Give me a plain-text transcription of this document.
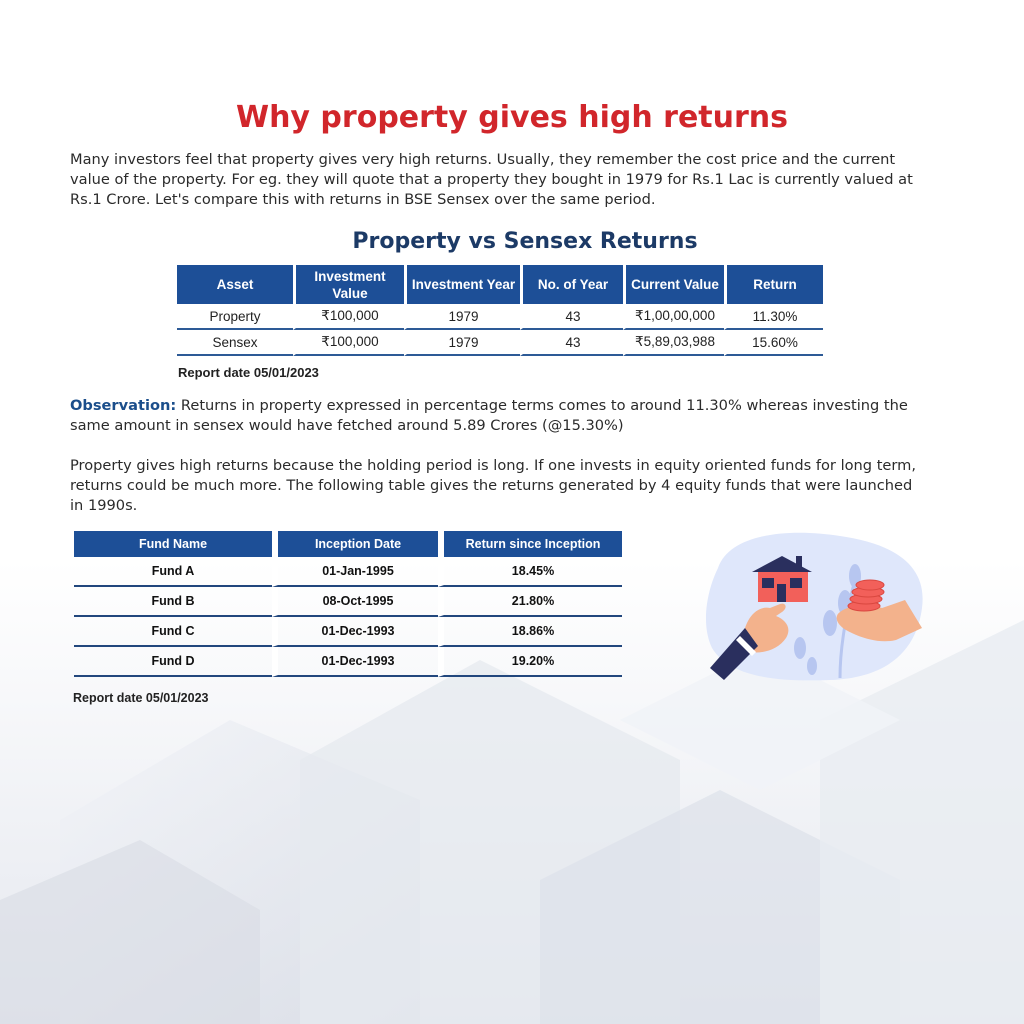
Why property gives high returns

Many investors feel that property gives very high returns. Usually, they remember the cost price and the current value of the property. For eg. they will quote that a property they bought in 1979 for Rs.1 Lac is currently valued at Rs.1 Crore. Let's compare this with returns in BSE Sensex over the same period.

Property vs Sensex Returns
Asset	Investment Value	Investment Year	No. of Year	Current Value	Return
Property	₹100,000	1979	43	₹1,00,00,000	11.30%
Sensex	₹100,000	1979	43	₹5,89,03,988	15.60%

Report date 05/01/2023

Observation: Returns in property expressed in percentage terms comes to around 11.30% whereas investing the same amount in sensex would have fetched around 5.89 Crores (@15.30%)

Property gives high returns because the holding period is long. If one invests in equity oriented funds for long term, returns could be much more. The following table gives the returns generated by 4 equity funds that were launched in 1990s.

Fund Name	Inception Date	Return since Inception
Fund A	01-Jan-1995	18.45%
Fund B	08-Oct-1995	21.80%
Fund C	01-Dec-1993	18.86%
Fund D	01-Dec-1993	19.20%

Report date 05/01/2023
